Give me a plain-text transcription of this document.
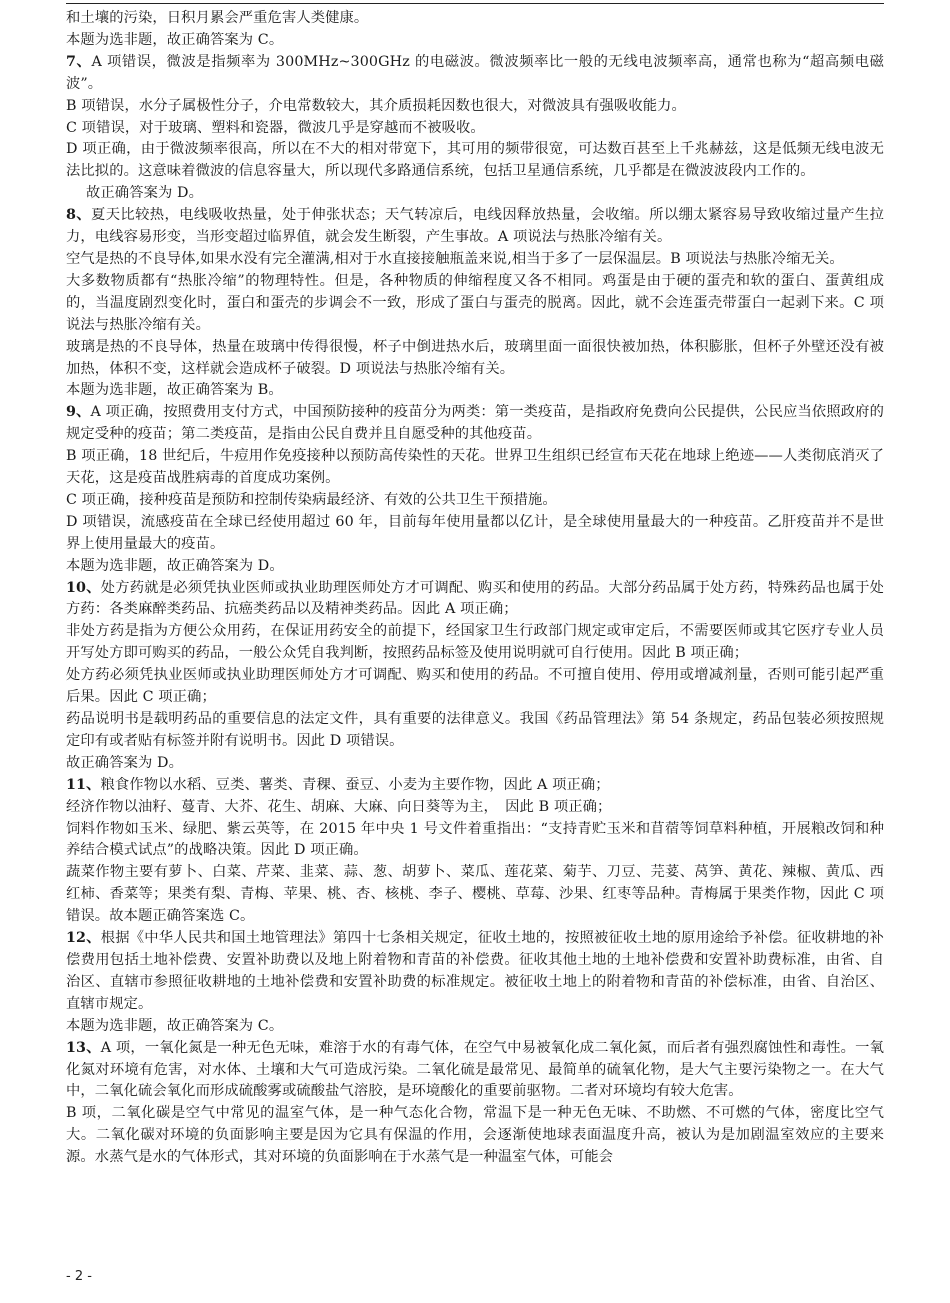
和土壤的污染，日积月累会严重危害人类健康。

本题为选非题，故正确答案为 C。

7、A 项错误，微波是指频率为 300MHz~300GHz 的电磁波。微波频率比一般的无线电波频率高，通常也称为“超高频电磁波”。

B 项错误，水分子属极性分子，介电常数较大，其介质损耗因数也很大，对微波具有强吸收能力。

C 项错误，对于玻璃、塑料和瓷器，微波几乎是穿越而不被吸收。

D 项正确，由于微波频率很高，所以在不大的相对带宽下，其可用的频带很宽，可达数百甚至上千兆赫兹，这是低频无线电波无法比拟的。这意味着微波的信息容量大，所以现代多路通信系统，包括卫星通信系统，几乎都是在微波波段内工作的。

故正确答案为 D。

8、夏天比较热，电线吸收热量，处于伸张状态；天气转凉后，电线因释放热量，会收缩。所以绷太紧容易导致收缩过量产生拉力，电线容易形变，当形变超过临界值，就会发生断裂，产生事故。A 项说法与热胀冷缩有关。

空气是热的不良导体,如果水没有完全灌满,相对于水直接接触瓶盖来说,相当于多了一层保温层。B 项说法与热胀冷缩无关。

大多数物质都有“热胀冷缩”的物理特性。但是，各种物质的伸缩程度又各不相同。鸡蛋是由于硬的蛋壳和软的蛋白、蛋黄组成的，当温度剧烈变化时，蛋白和蛋壳的步调会不一致，形成了蛋白与蛋壳的脱离。因此，就不会连蛋壳带蛋白一起剥下来。C 项说法与热胀冷缩有关。

玻璃是热的不良导体，热量在玻璃中传得很慢，杯子中倒进热水后，玻璃里面一面很快被加热，体积膨胀，但杯子外壁还没有被加热，体积不变，这样就会造成杯子破裂。D 项说法与热胀冷缩有关。

本题为选非题，故正确答案为 B。

9、A 项正确，按照费用支付方式，中国预防接种的疫苗分为两类：第一类疫苗，是指政府免费向公民提供，公民应当依照政府的规定受种的疫苗；第二类疫苗，是指由公民自费并且自愿受种的其他疫苗。

B 项正确，18 世纪后，牛痘用作免疫接种以预防高传染性的天花。世界卫生组织已经宣布天花在地球上绝迹——人类彻底消灭了天花，这是疫苗战胜病毒的首度成功案例。

C 项正确，接种疫苗是预防和控制传染病最经济、有效的公共卫生干预措施。

D 项错误，流感疫苗在全球已经使用超过 60 年，目前每年使用量都以亿计，是全球使用量最大的一种疫苗。乙肝疫苗并不是世界上使用量最大的疫苗。

本题为选非题，故正确答案为 D。

10、处方药就是必须凭执业医师或执业助理医师处方才可调配、购买和使用的药品。大部分药品属于处方药，特殊药品也属于处方药：各类麻醉类药品、抗癌类药品以及精神类药品。因此 A 项正确；

非处方药是指为方便公众用药，在保证用药安全的前提下，经国家卫生行政部门规定或审定后，不需要医师或其它医疗专业人员开写处方即可购买的药品，一般公众凭自我判断，按照药品标签及使用说明就可自行使用。因此 B 项正确；

处方药必须凭执业医师或执业助理医师处方才可调配、购买和使用的药品。不可擅自使用、停用或增减剂量，否则可能引起严重后果。因此 C 项正确；

药品说明书是载明药品的重要信息的法定文件，具有重要的法律意义。我国《药品管理法》第 54 条规定，药品包装必须按照规定印有或者贴有标签并附有说明书。因此 D 项错误。

故正确答案为 D。

11、粮食作物以水稻、豆类、薯类、青稞、蚕豆、小麦为主要作物，因此 A 项正确；

经济作物以油籽、蔓青、大芥、花生、胡麻、大麻、向日葵等为主，　因此 B 项正确；

饲料作物如玉米、绿肥、紫云英等，在 2015 年中央 1 号文件着重指出：“支持青贮玉米和苜蓿等饲草料种植，开展粮改饲和种养结合模式试点”的战略决策。因此 D 项正确。

蔬菜作物主要有萝卜、白菜、芹菜、韭菜、蒜、葱、胡萝卜、菜瓜、莲花菜、菊芋、刀豆、芫荽、莴笋、黄花、辣椒、黄瓜、西红柿、香菜等；果类有梨、青梅、苹果、桃、杏、核桃、李子、樱桃、草莓、沙果、红枣等品种。青梅属于果类作物，因此 C 项错误。故本题正确答案选 C。

12、根据《中华人民共和国土地管理法》第四十七条相关规定，征收土地的，按照被征收土地的原用途给予补偿。征收耕地的补偿费用包括土地补偿费、安置补助费以及地上附着物和青苗的补偿费。征收其他土地的土地补偿费和安置补助费标准，由省、自治区、直辖市参照征收耕地的土地补偿费和安置补助费的标准规定。被征收土地上的附着物和青苗的补偿标准，由省、自治区、直辖市规定。

本题为选非题，故正确答案为 C。

13、A 项，一氧化氮是一种无色无味，难溶于水的有毒气体，在空气中易被氧化成二氧化氮，而后者有强烈腐蚀性和毒性。一氧化氮对环境有危害，对水体、土壤和大气可造成污染。二氧化硫是最常见、最简单的硫氧化物，是大气主要污染物之一。在大气中，二氧化硫会氧化而形成硫酸雾或硫酸盐气溶胶，是环境酸化的重要前驱物。二者对环境均有较大危害。

B 项，二氧化碳是空气中常见的温室气体，是一种气态化合物，常温下是一种无色无味、不助燃、不可燃的气体，密度比空气大。二氧化碳对环境的负面影响主要是因为它具有保温的作用，会逐渐使地球表面温度升高，被认为是加剧温室效应的主要来源。水蒸气是水的气体形式，其对环境的负面影响在于水蒸气是一种温室气体，可能会

- 2 -
